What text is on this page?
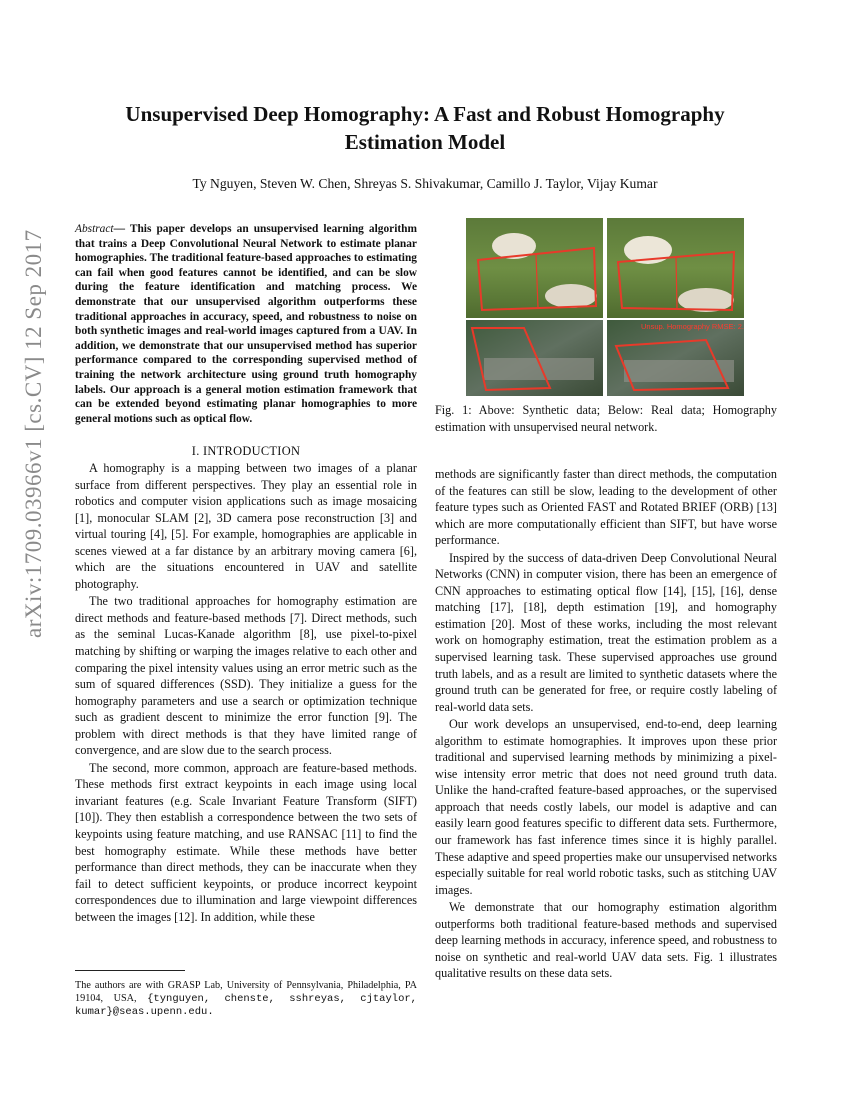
arXiv:1709.03966v1 [cs.CV] 12 Sep 2017
Unsupervised Deep Homography: A Fast and Robust Homography
Estimation Model
Ty Nguyen, Steven W. Chen, Shreyas S. Shivakumar, Camillo J. Taylor, Vijay Kumar
Abstract— This paper develops an unsupervised learning algorithm that trains a Deep Convolutional Neural Network to estimate planar homographies. The traditional feature-based approaches to estimating can fail when good features cannot be identified, and can be slow during the feature identification and matching process. We demonstrate that our unsupervised algorithm outperforms these traditional approaches in accuracy, speed, and robustness to noise on both synthetic images and real-world images captured from a UAV. In addition, we demonstrate that our unsupervised method has superior performance compared to the corresponding supervised method of training the network architecture using ground truth homography labels. Our approach is a general motion estimation framework that can be extended beyond estimating planar homographies to more general motions such as optical flow.
I. INTRODUCTION

A homography is a mapping between two images of a planar surface from different perspectives. They play an essential role in robotics and computer vision applications such as image mosaicing [1], monocular SLAM [2], 3D camera pose reconstruction [3] and virtual touring [4], [5]. For example, homographies are applicable in scenes viewed at a far distance by an arbitrary moving camera [6], which are the situations encountered in UAV and satellite photography.

The two traditional approaches for homography estimation are direct methods and feature-based methods [7]. Direct methods, such as the seminal Lucas-Kanade algorithm [8], use pixel-to-pixel matching by shifting or warping the images relative to each other and comparing the pixel intensity values using an error metric such as the sum of squared differences (SSD). They initialize a guess for the homography parameters and use a search or optimization technique such as gradient descent to minimize the error function [9]. The problem with direct methods is that they have limited range of convergence, and are slow due to the search process.

The second, more common, approach are feature-based methods. These methods first extract keypoints in each image using local invariant features (e.g. Scale Invariant Feature Transform (SIFT) [10]). They then establish a correspondence between the two sets of keypoints using feature matching, and use RANSAC [11] to find the best homography estimate. While these methods have better performance than direct methods, they can be inaccurate when they fail to detect sufficient keypoints, or produce incorrect keypoint correspondences due to illumination and large viewpoint differences between the images [12]. In addition, while these

The authors are with GRASP Lab, University of Pennsylvania, Philadelphia, PA 19104, USA, {tynguyen, chenste, sshreyas, cjtaylor, kumar}@seas.upenn.edu.
Unsup. Homography RMSE: 2.16
Fig. 1: Above: Synthetic data; Below: Real data; Homography estimation with unsupervised neural network.

methods are significantly faster than direct methods, the computation of the features can still be slow, leading to the development of other feature types such as Oriented FAST and Rotated BRIEF (ORB) [13] which are more computationally efficient than SIFT, but have worse performance.

Inspired by the success of data-driven Deep Convolutional Neural Networks (CNN) in computer vision, there has been an emergence of CNN approaches to estimating optical flow [14], [15], [16], dense matching [17], [18], depth estimation [19], and homography estimation [20]. Most of these works, including the most relevant work on homography estimation, treat the estimation problem as a supervised learning task. These supervised approaches use ground truth labels, and as a result are limited to synthetic datasets where the ground truth can be generated for free, or require costly labeling of real-world data sets.

Our work develops an unsupervised, end-to-end, deep learning algorithm to estimate homographies. It improves upon these prior traditional and supervised learning methods by minimizing a pixel-wise intensity error metric that does not need ground truth data. Unlike the hand-crafted feature-based approaches, or the supervised approach that needs costly labels, our model is adaptive and can easily learn good features specific to different data sets. Furthermore, our framework has fast inference times since it is highly parallel. These adaptive and speed properties make our unsupervised networks especially suitable for real world robotic tasks, such as stitching UAV images.

We demonstrate that our homography estimation algorithm outperforms both traditional feature-based methods and supervised deep learning methods in accuracy, inference speed, and robustness to noise on synthetic and real-world UAV data sets. Fig. 1 illustrates qualitative results on these data sets.
